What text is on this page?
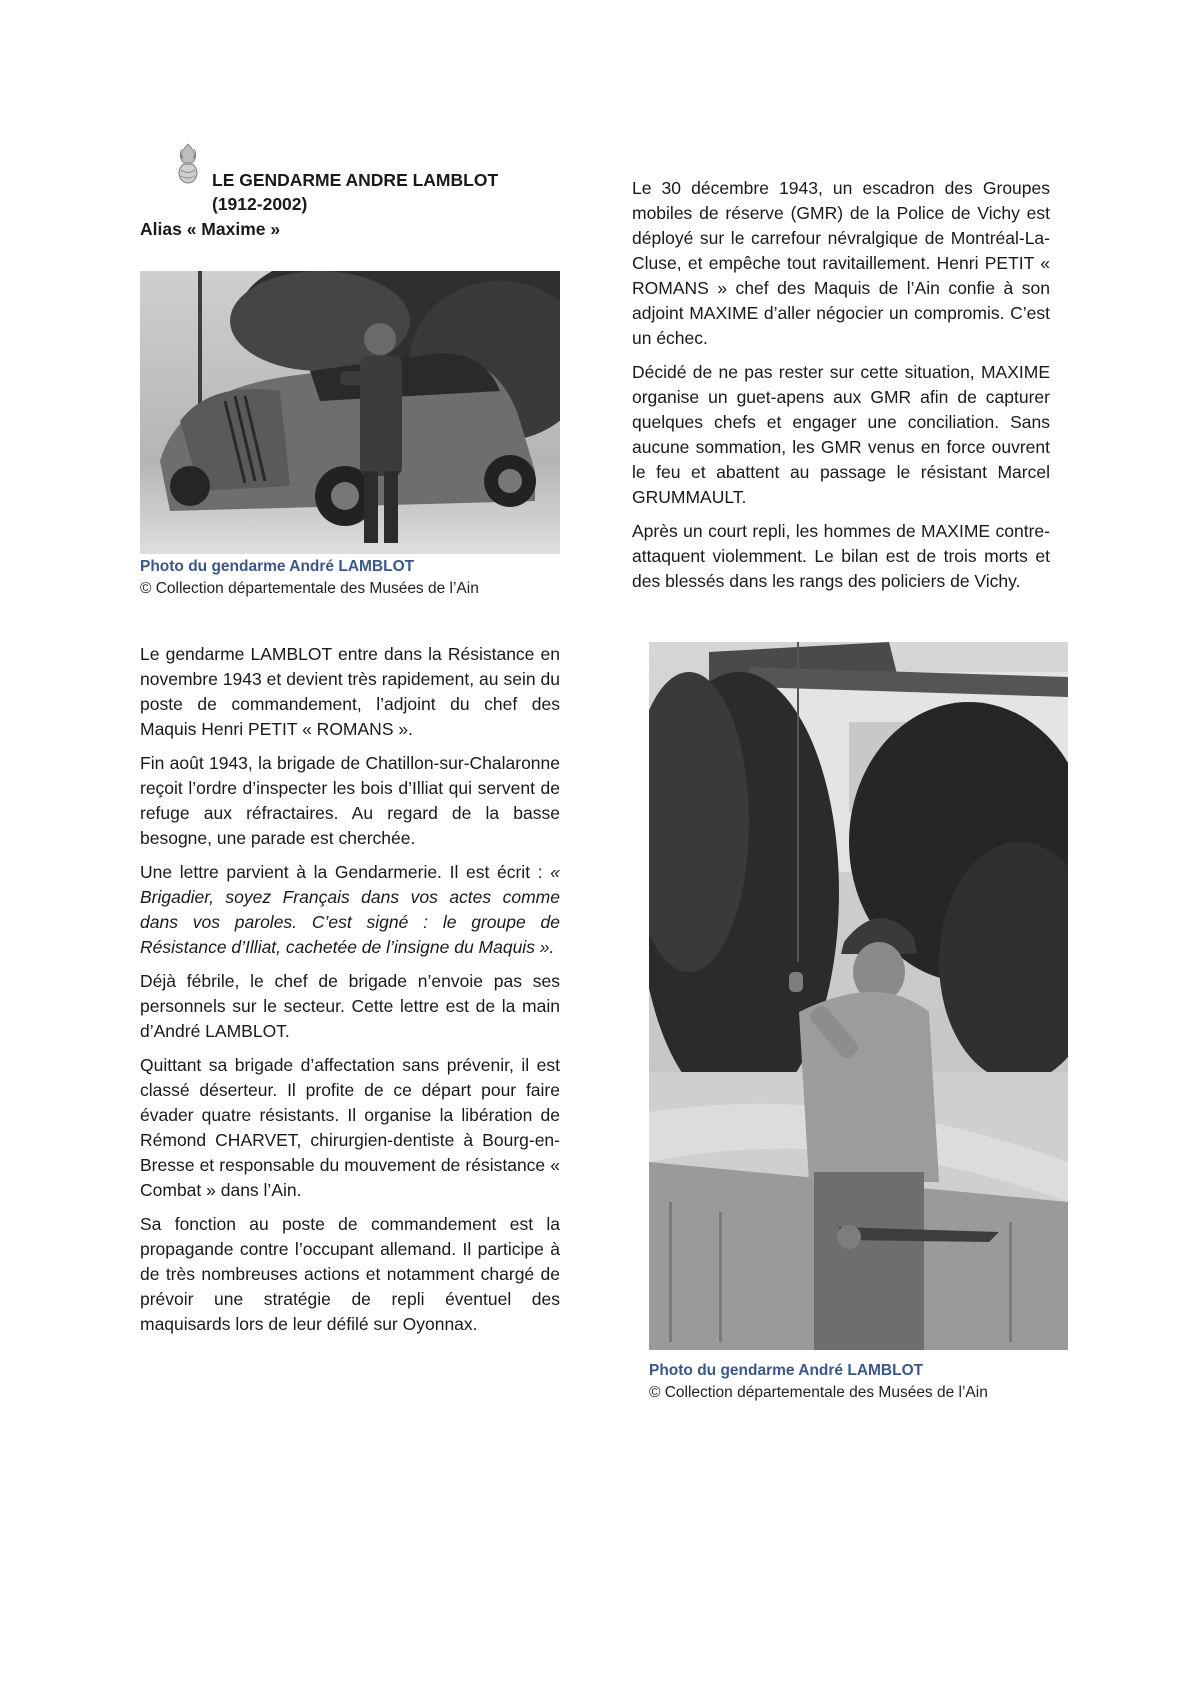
LE GENDARME ANDRE LAMBLOT
(1912-2002)
Alias « Maxime »
Photo du gendarme André LAMBLOT
© Collection départementale des Musées de l’Ain

Le 30 décembre 1943, un escadron des Groupes mobiles de réserve (GMR) de la Police de Vichy est déployé sur le carrefour névralgique de Montréal-La-Cluse, et empêche tout ravitaillement. Henri PETIT « ROMANS » chef des Maquis de l’Ain confie à son adjoint MAXIME d’aller négocier un compromis. C’est un échec.

Décidé de ne pas rester sur cette situation, MAXIME organise un guet-apens aux GMR afin de capturer quelques chefs et engager une conciliation. Sans aucune sommation, les GMR venus en force ouvrent le feu et abattent au passage le résistant Marcel GRUMMAULT.

Après un court repli, les hommes de MAXIME contre-attaquent violemment. Le bilan est de trois morts et des blessés dans les rangs des policiers de Vichy.

Le gendarme LAMBLOT entre dans la Résistance en novembre 1943 et devient très rapidement, au sein du poste de commandement, l’adjoint du chef des Maquis Henri PETIT « ROMANS ».

Fin août 1943, la brigade de Chatillon-sur-Chalaronne reçoit l’ordre d’inspecter les bois d’Illiat qui servent de refuge aux réfractaires. Au regard de la basse besogne, une parade est cherchée.

Une lettre parvient à la Gendarmerie. Il est écrit : « Brigadier, soyez Français dans vos actes comme dans vos paroles. C’est signé : le groupe de Résistance d’Illiat, cachetée de l’insigne du Maquis ».

Déjà fébrile, le chef de brigade n’envoie pas ses personnels sur le secteur. Cette lettre est de la main d’André LAMBLOT.

Quittant sa brigade d’affectation sans prévenir, il est classé déserteur. Il profite de ce départ pour faire évader quatre résistants. Il organise la libération de Rémond CHARVET, chirurgien-dentiste à Bourg-en-Bresse et responsable du mouvement de résistance « Combat » dans l’Ain.

Sa fonction au poste de commandement est la propagande contre l’occupant allemand. Il participe à de très nombreuses actions et notamment chargé de prévoir une stratégie de repli éventuel des maquisards lors de leur défilé sur Oyonnax.

Photo du gendarme André LAMBLOT
© Collection départementale des Musées de l’Ain
